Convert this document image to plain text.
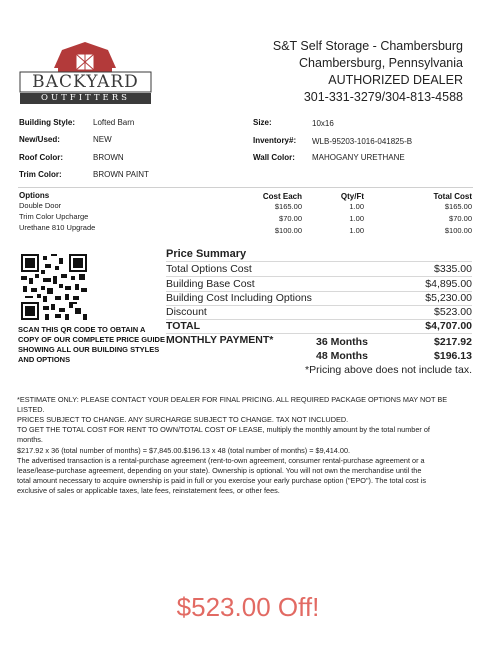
BACKYARD
OUTFITTERS
S&T Self Storage - Chambersburg
Chambersburg, Pennsylvania
AUTHORIZED DEALER
301-331-3279/304-813-4588
Building Style: Lofted Barn
New/Used:	NEW
Roof Color:	BROWN
Trim Color:	BROWN PAINT
Size:	10x16
Inventory#: WLB-95203-1016-041825-B
Wall Color: MAHOGANY URETHANE
Options	Cost Each	Qty/Ft	Total Cost
Double Door	$165.00	1.00	$165.00
Trim Color Upcharge	$70.00	1.00	$70.00
Urethane 810 Upgrade	$100.00	1.00	$100.00
SCAN THIS QR CODE TO OBTAIN A
COPY OF OUR COMPLETE PRICE GUIDE
SHOWING ALL OUR BUILDING STYLES
AND OPTIONS
Price Summary
Total Options Cost	$335.00
Building Base Cost	$4,895.00
Building Cost Including Options	$5,230.00
Discount	$523.00
TOTAL	$4,707.00
MONTHLY PAYMENT*	36 Months	$217.92
48 Months	$196.13
*Pricing above does not include tax.
*ESTIMATE ONLY: PLEASE CONTACT YOUR DEALER FOR FINAL PRICING. ALL REQUIRED PACKAGE OPTIONS MAY NOT BE LISTED.
PRICES SUBJECT TO CHANGE. ANY SURCHARGE SUBJECT TO CHANGE. TAX NOT INCLUDED.
TO GET THE TOTAL COST FOR RENT TO OWN/TOTAL COST OF LEASE, multiply the monthly amount by the total number of
months.
$217.92 x 36 (total number of months) = $7,845.00.$196.13 x 48 (total number of months) = $9,414.00.
The advertised transaction is a rental-purchase agreement (rent-to-own agreement, consumer rental-purchase agreement or a
lease/lease-purchase agreement, depending on your state). Ownership is optional. You will not own the merchandise until the
total amount necessary to acquire ownership is paid in full or you exercise your early purchase option ("EPO"). The total cost is
exclusive of sales or applicable taxes, late fees, reinstatement fees, or other fees.
$523.00 Off!
